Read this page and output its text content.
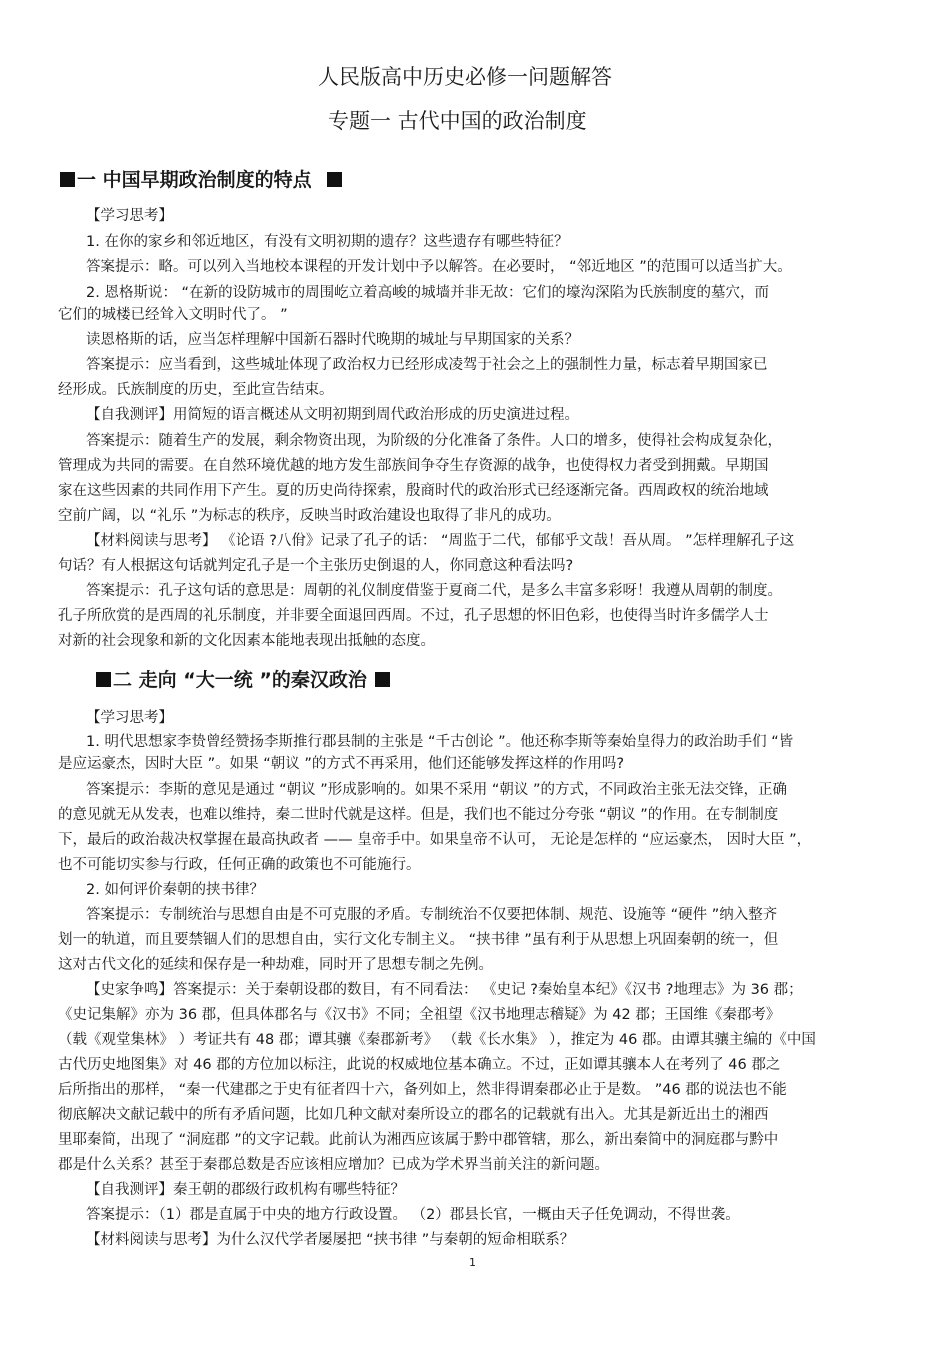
人民版高中历史必修一问题解答
专题一 古代中国的政治制度
一 中国早期政治制度的特点
【学习思考】
1. 在你的家乡和邻近地区，有没有文明初期的遗存？这些遗存有哪些特征？
答案提示：略。可以列入当地校本课程的开发计划中予以解答。在必要时， “邻近地区 ”的范围可以适当扩大。
2. 恩格斯说： “在新的设防城市的周围屹立着高峻的城墙并非无故：它们的壕沟深陷为氏族制度的墓穴，而
它们的城楼已经耸入文明时代了。 ”
读恩格斯的话，应当怎样理解中国新石器时代晚期的城址与早期国家的关系？
答案提示：应当看到，这些城址体现了政治权力已经形成凌驾于社会之上的强制性力量，标志着早期国家已
经形成。氏族制度的历史，至此宣告结束。
【自我测评】用简短的语言概述从文明初期到周代政治形成的历史演进过程。
答案提示：随着生产的发展，剩余物资出现，为阶级的分化准备了条件。人口的增多，使得社会构成复杂化，
管理成为共同的需要。在自然环境优越的地方发生部族间争夺生存资源的战争，也使得权力者受到拥戴。早期国
家在这些因素的共同作用下产生。夏的历史尚待探索，殷商时代的政治形式已经逐渐完备。西周政权的统治地域
空前广阔，以 “礼乐 ”为标志的秩序，反映当时政治建设也取得了非凡的成功。
【材料阅读与思考】 《论语 ?八佾》记录了孔子的话： “周监于二代，郁郁乎文哉！吾从周。 ”怎样理解孔子这
句话？有人根据这句话就判定孔子是一个主张历史倒退的人，你同意这种看法吗?
答案提示：孔子这句话的意思是：周朝的礼仪制度借鉴于夏商二代，是多么丰富多彩呀！我遵从周朝的制度。
孔子所欣赏的是西周的礼乐制度，并非要全面退回西周。不过，孔子思想的怀旧色彩，也使得当时许多儒学人士
对新的社会现象和新的文化因素本能地表现出抵触的态度。
二 走向 “大一统 ”的秦汉政治
【学习思考】
1. 明代思想家李贽曾经赞扬李斯推行郡县制的主张是 “千古创论 ”。他还称李斯等秦始皇得力的政治助手们 “皆
是应运豪杰，因时大臣 ”。如果 “朝议 ”的方式不再采用，他们还能够发挥这样的作用吗?
答案提示：李斯的意见是通过 “朝议 ”形成影响的。如果不采用 “朝议 ”的方式，不同政治主张无法交锋，正确
的意见就无从发表，也难以维持，秦二世时代就是这样。但是，我们也不能过分夸张 “朝议 ”的作用。在专制制度
下，最后的政治裁决权掌握在最高执政者 —— 皇帝手中。如果皇帝不认可， 无论是怎样的 “应运豪杰， 因时大臣 ”，
也不可能切实参与行政，任何正确的政策也不可能施行。
2. 如何评价秦朝的挟书律？
答案提示：专制统治与思想自由是不可克服的矛盾。专制统治不仅要把体制、规范、设施等 “硬件 ”纳入整齐
划一的轨道，而且要禁锢人们的思想自由，实行文化专制主义。 “挟书律 ”虽有利于从思想上巩固秦朝的统一，但
这对古代文化的延续和保存是一种劫难，同时开了思想专制之先例。
【史家争鸣】答案提示：关于秦朝设郡的数目，有不同看法： 《史记 ?秦始皇本纪》《汉书 ?地理志》为 36 郡；
《史记集解》亦为 36 郡，但具体郡名与《汉书》不同；全祖望《汉书地理志稽疑》为 42 郡；王国维《秦郡考》
（载《观堂集林》 ）考证共有 48 郡；谭其骧《秦郡新考》 （载《长水集》 ），推定为 46 郡。由谭其骧主编的《中国
古代历史地图集》对 46 郡的方位加以标注，此说的权威地位基本确立。不过，正如谭其骧本人在考列了 46 郡之
后所指出的那样， “秦一代建郡之于史有征者四十六，备列如上，然非得谓秦郡必止于是数。 ”46 郡的说法也不能
彻底解决文献记载中的所有矛盾问题，比如几种文献对秦所设立的郡名的记载就有出入。尤其是新近出土的湘西
里耶秦简，出现了 “洞庭郡 ”的文字记载。此前认为湘西应该属于黔中郡管辖，那么，新出秦简中的洞庭郡与黔中
郡是什么关系？甚至于秦郡总数是否应该相应增加？已成为学术界当前关注的新问题。
【自我测评】秦王朝的郡级行政机构有哪些特征？
答案提示：（1）郡是直属于中央的地方行政设置。 （2）郡县长官，一概由天子任免调动，不得世袭。
【材料阅读与思考】为什么汉代学者屡屡把 “挟书律 ”与秦朝的短命相联系？
1
